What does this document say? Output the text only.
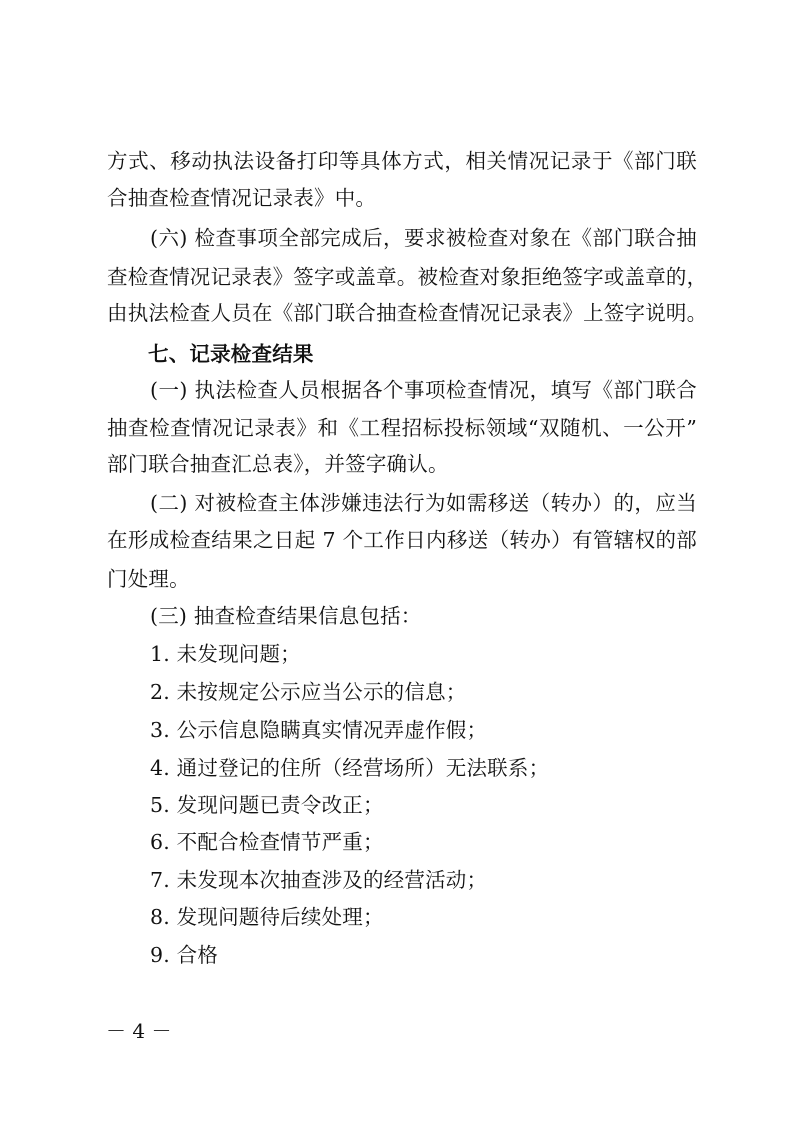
方式、移动执法设备打印等具体方式，相关情况记录于《部门联
合抽查检查情况记录表》中。
(六) 检查事项全部完成后，要求被检查对象在《部门联合抽
查检查情况记录表》签字或盖章。被检查对象拒绝签字或盖章的，
由执法检查人员在《部门联合抽查检查情况记录表》上签字说明。
七、记录检查结果
(一) 执法检查人员根据各个事项检查情况，填写《部门联合
抽查检查情况记录表》和《工程招标投标领域“双随机、一公开”
部门联合抽查汇总表》，并签字确认。
(二) 对被检查主体涉嫌违法行为如需移送（转办）的，应当
在形成检查结果之日起 7 个工作日内移送（转办）有管辖权的部
门处理。
(三) 抽查检查结果信息包括：
1. 未发现问题；
2. 未按规定公示应当公示的信息；
3. 公示信息隐瞒真实情况弄虚作假；
4. 通过登记的住所（经营场所）无法联系；
5. 发现问题已责令改正；
6. 不配合检查情节严重；
7. 未发现本次抽查涉及的经营活动；
8. 发现问题待后续处理；
9. 合格
－ 4 －
